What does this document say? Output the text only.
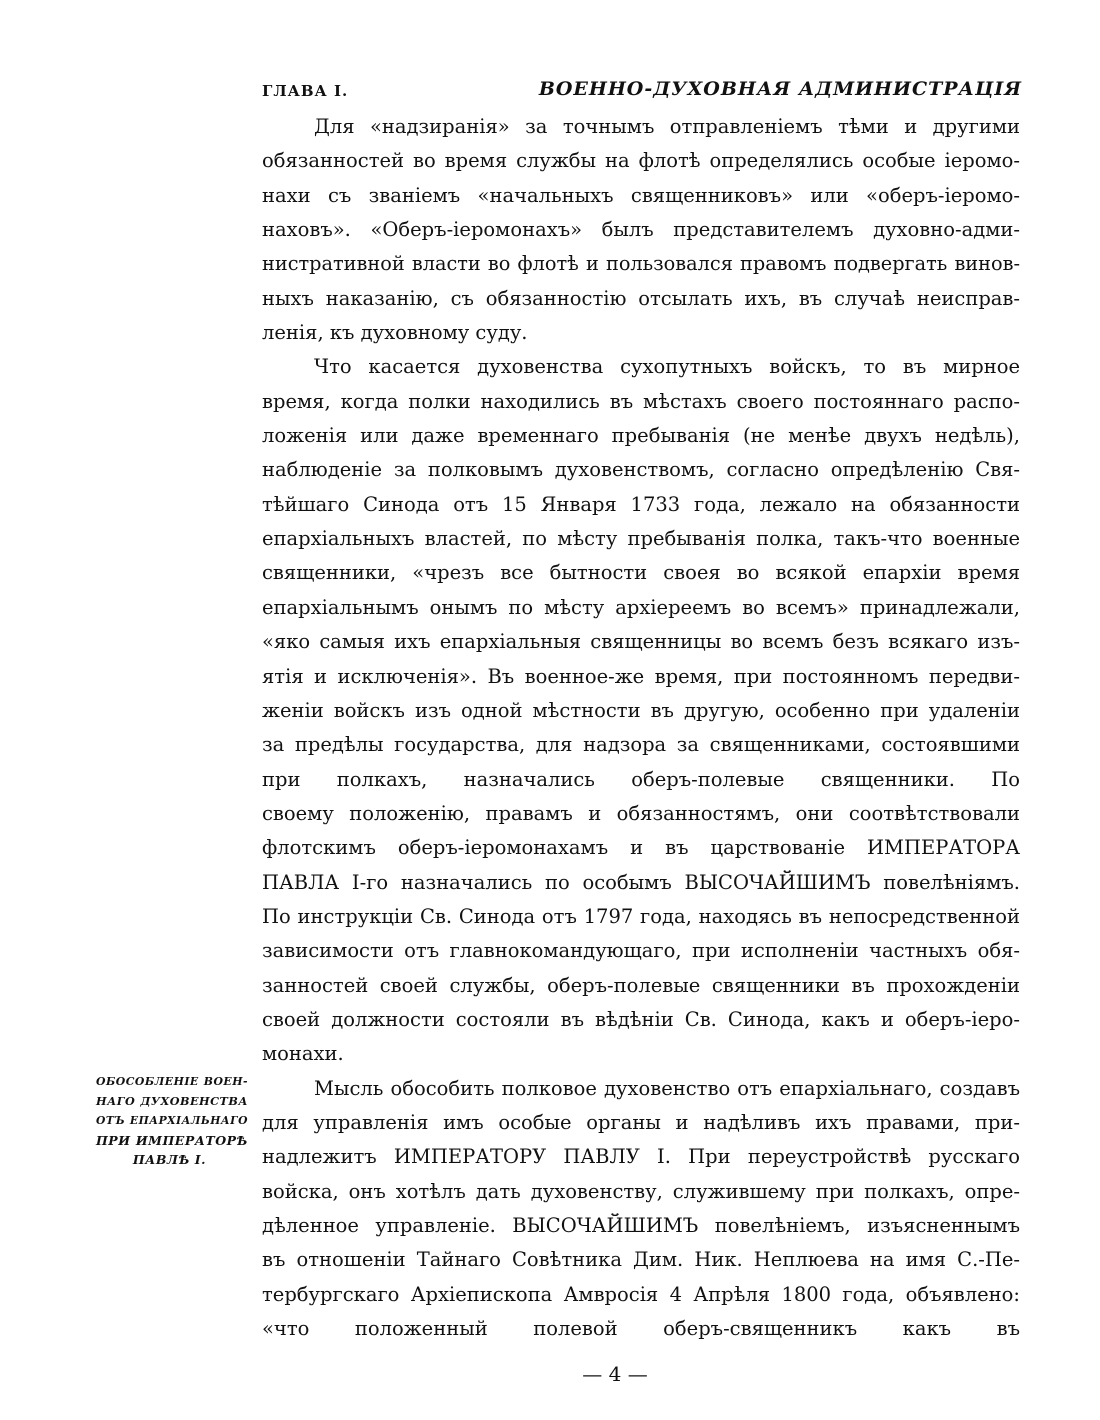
ГЛАВА I.	ВОЕННО-ДУХОВНАЯ АДМИНИСТРАЦІЯ
Для «надзиранія» за точнымъ отправленіемъ тѣми и другими
обязанностей во время службы на флотѣ определялись особые іеромо-
нахи съ званіемъ «начальныхъ священниковъ» или «оберъ-іеромо-
наховъ». «Оберъ-іеромонахъ» былъ представителемъ духовно-адми-
нистративной власти во флотѣ и пользовался правомъ подвергать винов-
ныхъ наказанію, съ обязанностію отсылать ихъ, въ случаѣ неисправ-
ленія, къ духовному суду.
Что касается духовенства сухопутныхъ войскъ, то въ мирное
время, когда полки находились въ мѣстахъ своего постояннаго распо-
ложенія или даже временнаго пребыванія (не менѣе двухъ недѣль),
наблюденіе за полковымъ духовенствомъ, согласно опредѣленію Свя-
тѣйшаго Синода отъ 15 Января 1733 года, лежало на обязанности
епархіальныхъ властей, по мѣсту пребыванія полка, такъ-что военные
священники, «чрезъ все бытности своея во всякой епархіи время
епархіальнымъ онымъ по мѣсту архіереемъ во всемъ» принадлежали,
«яко самыя ихъ епархіальныя священницы во всемъ безъ всякаго изъ-
ятія и исключенія». Въ военное-же время, при постоянномъ передви-
женіи войскъ изъ одной мѣстности въ другую, особенно при удаленіи
за предѣлы государства, для надзора за священниками, состоявшими
при полкахъ, назначались оберъ-полевые священники. По
своему положенію, правамъ и обязанностямъ, они соотвѣтствовали
флотскимъ оберъ-іеромонахамъ и въ царствованіе ИМПЕРАТОРА
ПАВЛА I-го назначались по особымъ ВЫСОЧАЙШИМЪ повелѣніямъ.
По инструкціи Св. Синода отъ 1797 года, находясь въ непосредственной
зависимости отъ главнокомандующаго, при исполненіи частныхъ обя-
занностей своей службы, оберъ-полевые священники въ прохожденіи
своей должности состояли въ вѣдѣніи Св. Синода, какъ и оберъ-іеро-
монахи.
Мысль обособить полковое духовенство отъ епархіальнаго, создавъ
для управленія имъ особые органы и надѣливъ ихъ правами, при-
надлежитъ ИМПЕРАТОРУ ПАВЛУ I. При переустройствѣ русскаго
войска, онъ хотѣлъ дать духовенству, служившему при полкахъ, опре-
дѣленное управленіе. ВЫСОЧАЙШИМЪ повелѣніемъ, изъясненнымъ
въ отношеніи Тайнаго Совѣтника Дим. Ник. Неплюева на имя С.-Пе-
тербургскаго Архіепископа Амвросія 4 Апрѣля 1800 года, объявлено:
«что положенный полевой оберъ-священникъ какъ въ
ОБОСОБЛЕНІЕ ВОЕН-
НАГО ДУХОВЕНСТВА
ОТЪ ЕПАРХІАЛЬНАГО
ПРИ ИМПЕРАТОРѢ
ПАВЛѢ I.
— 4 —
